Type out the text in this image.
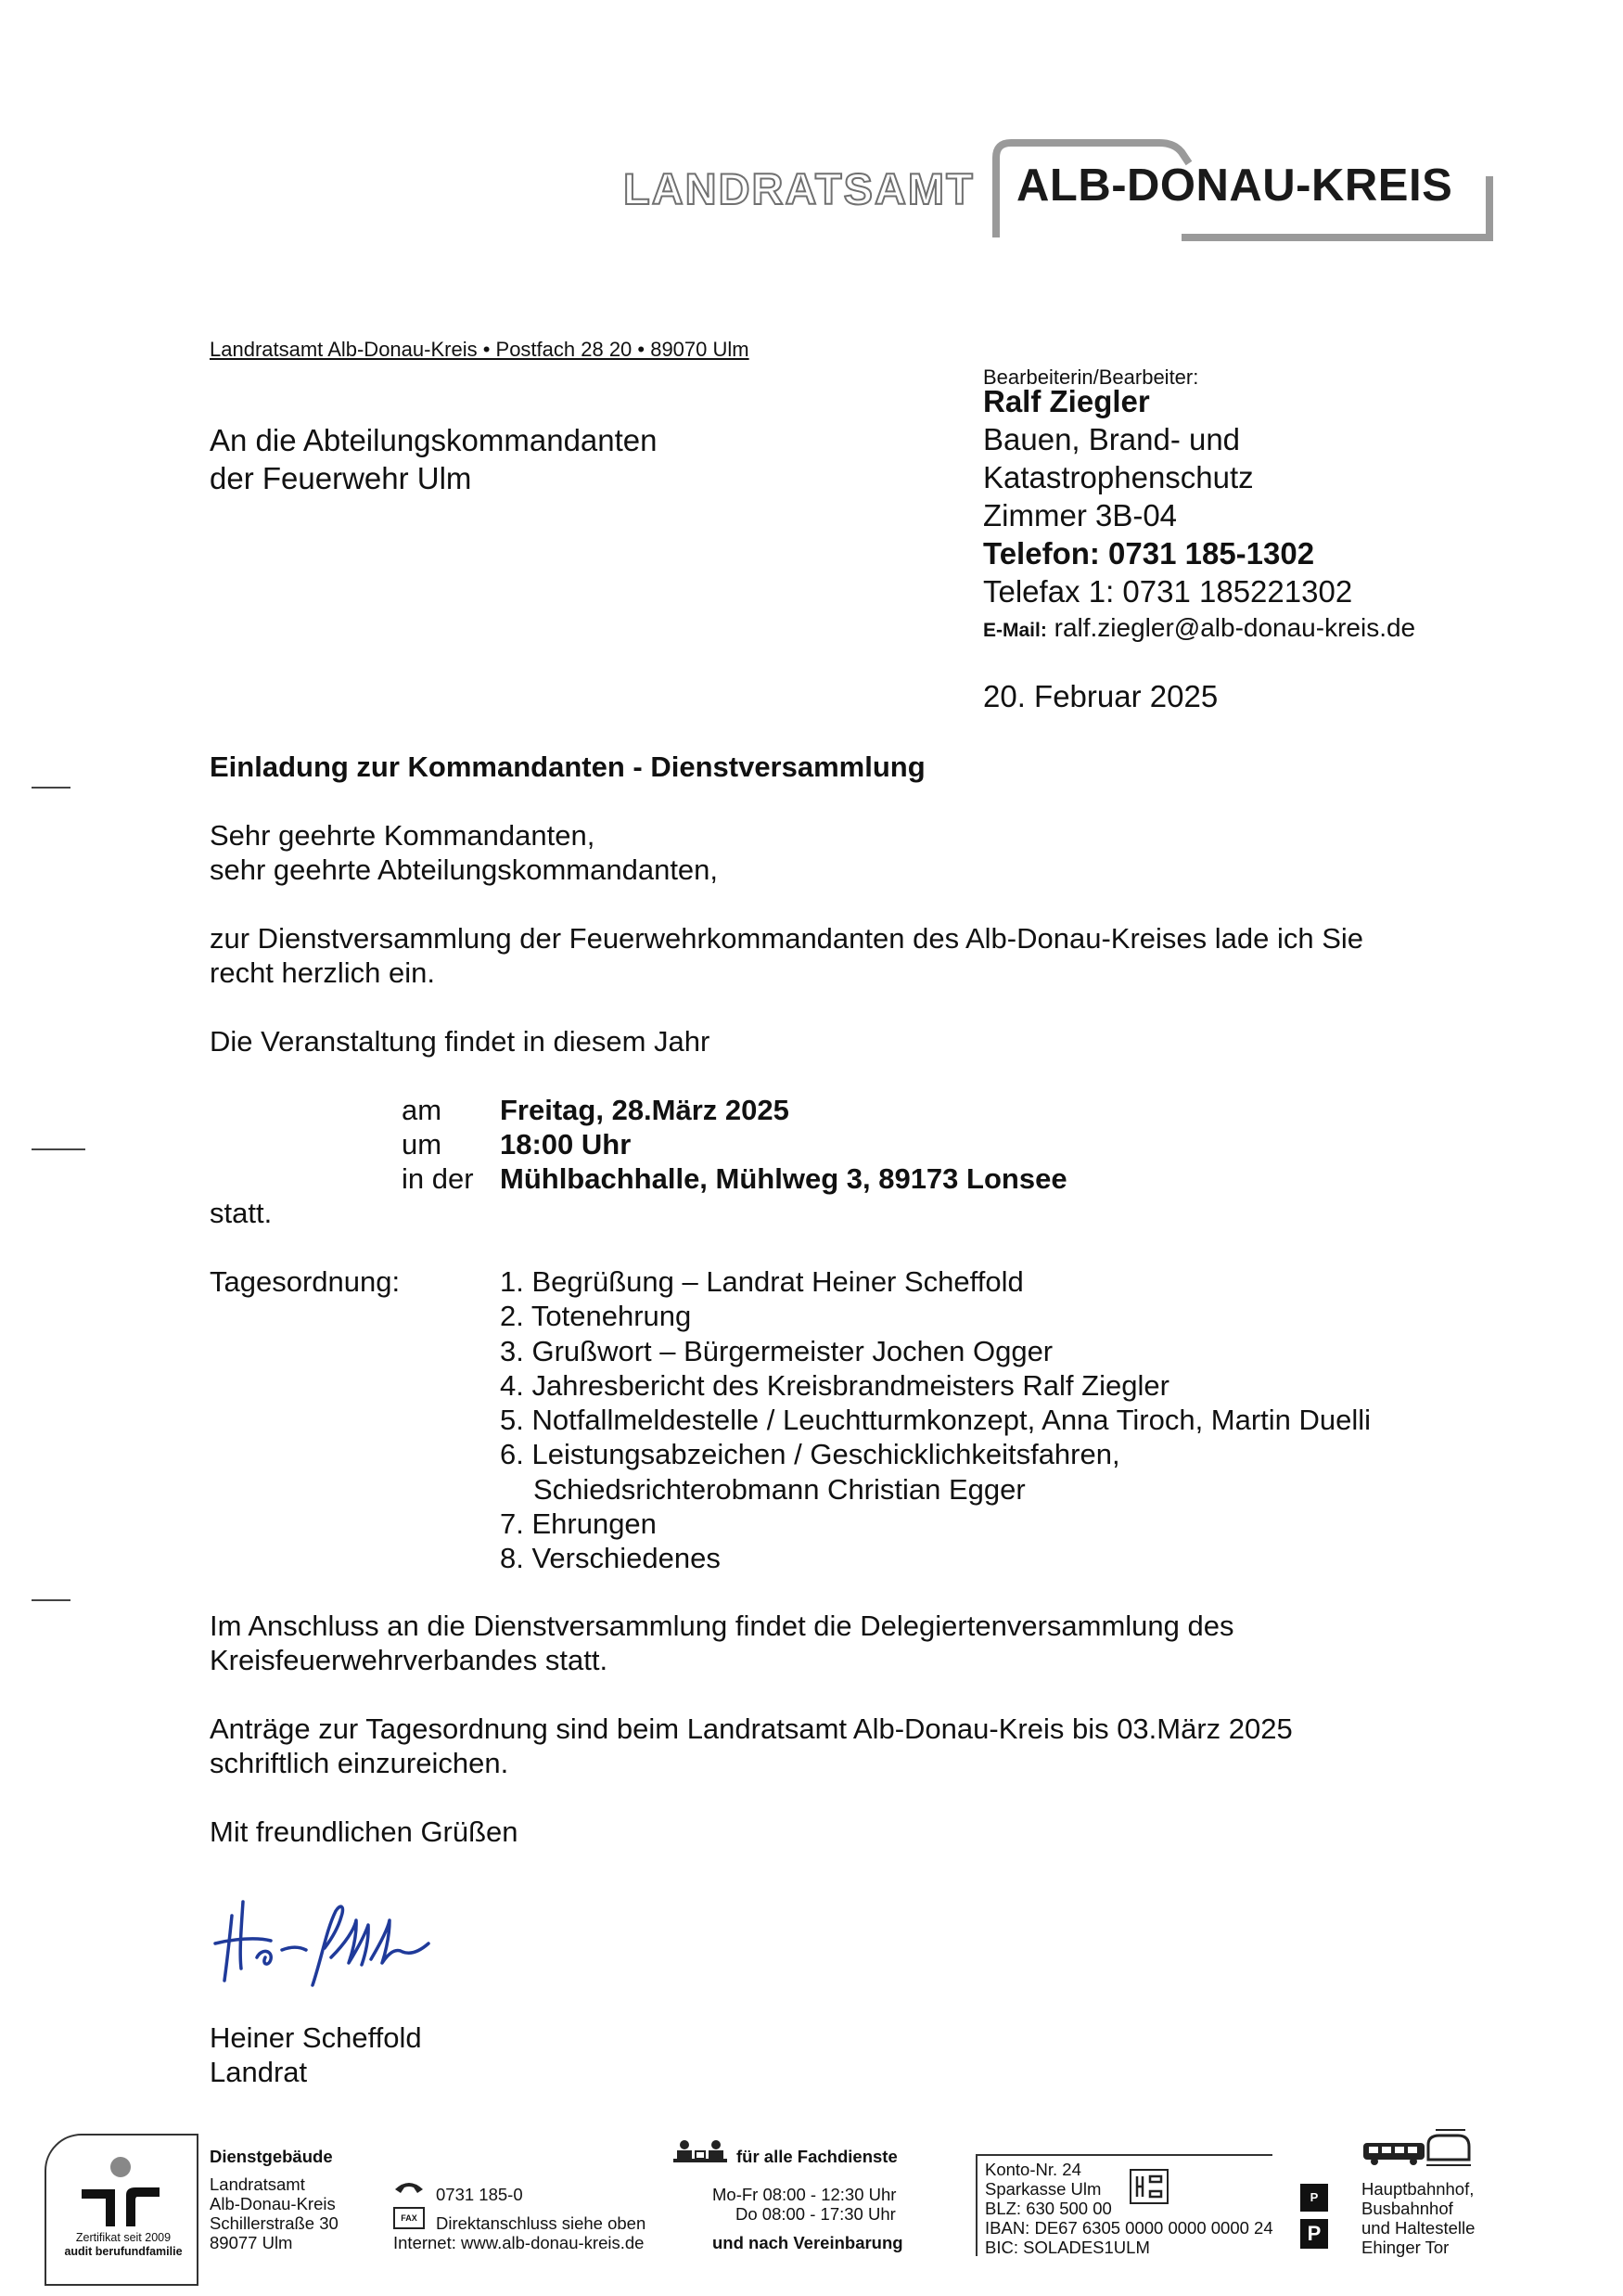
LANDRATSAMT ALB-DONAU-KREIS
Landratsamt Alb-Donau-Kreis • Postfach 28 20 • 89070 Ulm
An die Abteilungskommandanten
der Feuerwehr Ulm
Bearbeiterin/Bearbeiter:
Ralf Ziegler
Bauen, Brand- und
Katastrophenschutz
Zimmer 3B-04
Telefon: 0731 185-1302
Telefax 1: 0731 185221302
E-Mail: ralf.ziegler@alb-donau-kreis.de
20. Februar 2025
Einladung zur Kommandanten - Dienstversammlung
Sehr geehrte Kommandanten,
sehr geehrte Abteilungskommandanten,
zur Dienstversammlung der Feuerwehrkommandanten des Alb-Donau-Kreises lade ich Sie
recht herzlich ein.
Die Veranstaltung findet in diesem Jahr
am Freitag, 28.März 2025
um 18:00 Uhr
in der Mühlbachhalle, Mühlweg 3, 89173 Lonsee
statt.
Tagesordnung:	1. Begrüßung – Landrat Heiner Scheffold
2. Totenehrung
3. Grußwort – Bürgermeister Jochen Ogger
4. Jahresbericht des Kreisbrandmeisters Ralf Ziegler
5. Notfallmeldestelle / Leuchtturmkonzept, Anna Tiroch, Martin Duelli
6. Leistungsabzeichen / Geschicklichkeitsfahren,
Schiedsrichterobmann Christian Egger
7. Ehrungen
8. Verschiedenes
Im Anschluss an die Dienstversammlung findet die Delegiertenversammlung des
Kreisfeuerwehrverbandes statt.
Anträge zur Tagesordnung sind beim Landratsamt Alb-Donau-Kreis bis 03.März 2025
schriftlich einzureichen.
Mit freundlichen Grüßen
Heiner Scheffold
Landrat
Zertifikat seit 2009
audit berufundfamilie
Dienstgebäude
Landratsamt
Alb-Donau-Kreis
Schillerstraße 30
89077 Ulm
0731 185-0
FAX	Direktanschluss siehe oben
Internet: www.alb-donau-kreis.de
für alle Fachdienste
Mo-Fr 08:00 - 12:30 Uhr
Do 08:00 - 17:30 Uhr
und nach Vereinbarung
Konto-Nr. 24
Sparkasse Ulm
BLZ: 630 500 00
IBAN: DE67 6305 0000 0000 0000 24
BIC: SOLADES1ULM
P
P
Hauptbahnhof,
Busbahnhof
und Haltestelle
Ehinger Tor
